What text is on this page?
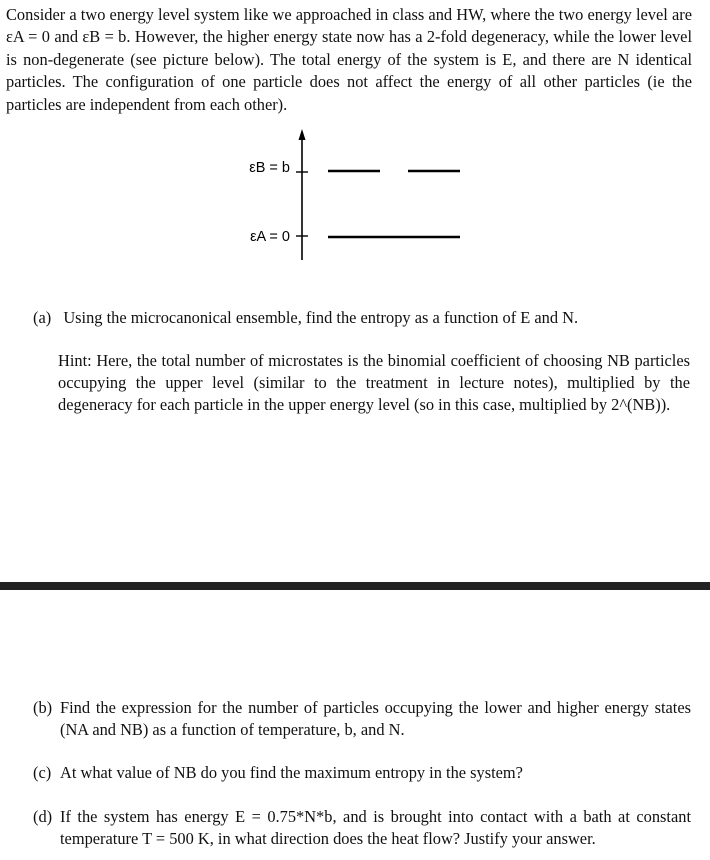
Consider a two energy level system like we approached in class and HW, where the two energy level are εA = 0 and εB = b. However, the higher energy state now has a 2-fold degeneracy, while the lower level is non-degenerate (see picture below). The total energy of the system is E, and there are N identical particles. The configuration of one particle does not affect the energy of all other particles (ie the particles are independent from each other).

εB = b
εA = 0

(a) Using the microcanonical ensemble, find the entropy as a function of E and N.

Hint: Here, the total number of microstates is the binomial coefficient of choosing NB particles occupying the upper level (similar to the treatment in lecture notes), multiplied by the degeneracy for each particle in the upper energy level (so in this case, multiplied by 2^(NB)).

(b) Find the expression for the number of particles occupying the lower and higher energy states (NA and NB) as a function of temperature, b, and N.

(c) At what value of NB do you find the maximum entropy in the system?

(d) If the system has energy E = 0.75*N*b, and is brought into contact with a bath at constant temperature T = 500 K, in what direction does the heat flow? Justify your answer.
